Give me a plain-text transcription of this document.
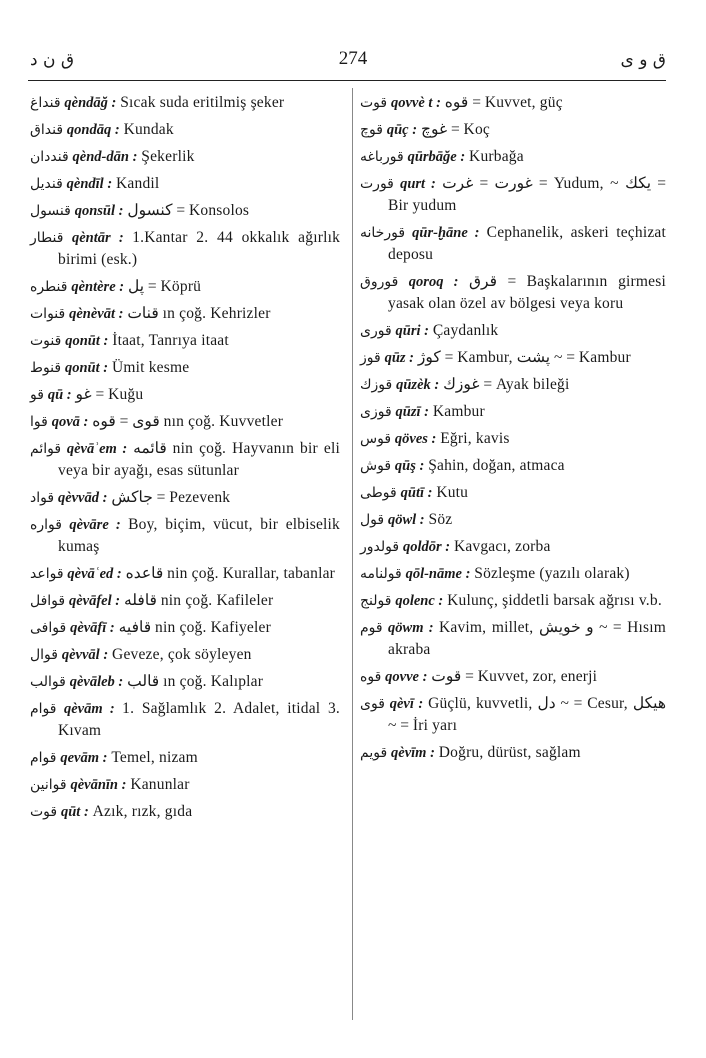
ق ن د	274	ق و ی
قنداغ qèndāğ : Sıcak suda eritilmiş şeker
قنداق qondāq : Kundak
قنددان qènd-dān : Şekerlik
قنديل qèndīl : Kandil
قنسول qonsūl : كنسول = Konsolos
قنطار qèntār : 1.Kantar 2. 44 okkalık ağırlık birimi (esk.)
قنطره qèntère : پل = Köprü
قنوات qènèvāt : قنات ın çoğ. Kehrizler
قنوت qonūt : İtaat, Tanrıya itaat
قنوط qonūt : Ümit kesme
قو qū : غو = Kuğu
قوا qovā : قوى = قوه nın çoğ. Kuvvetler
قوائم qèvāʾem : قائمه nin çoğ. Hayvanın bir eli veya bir ayağı, esas sütunlar
قواد qèvvād : جاكش = Pezevenk
قواره qèvāre : Boy, biçim, vücut, bir elbiselik kumaş
قواعد qèvāʿed : قاعده nin çoğ. Kurallar, tabanlar
قوافل qèvāfel : قافله nin çoğ. Kafileler
قوافى qèvāfī : قافيه nin çoğ. Kafiyeler
قوال qèvvāl : Geveze, çok söyleyen
قوالب qèvāleb : قالب ın çoğ. Kalıplar
قوام qèvām : 1. Sağlamlık 2. Adalet, itidal 3. Kıvam
قوام qevām : Temel, nizam
قوانين qèvānīn : Kanunlar
قوت qūt : Azık, rızk, gıda
قوت qovvè t : قوه = Kuvvet, güç
قوچ qūç : غوچ = Koç
قورباغه qūrbāğe : Kurbağa
قورت qurt : غورت = غرت = Yudum, ~ يكك = Bir yudum
قورخانه qūr-ḫāne : Cephanelik, askeri teçhizat deposu
قوروق qoroq : قرق = Başkalarının girmesi yasak olan özel av bölgesi veya koru
قورى qūri : Çaydanlık
قوز qūz : كوژ = Kambur, پشت ~ = Kambur
قوزك qūzèk : غوزك = Ayak bileği
قوزى qūzī : Kambur
قوس qöves : Eğri, kavis
قوش qūş : Şahin, doğan, atmaca
قوطى qūtī : Kutu
قول qöwl : Söz
قولدور qoldōr : Kavgacı, zorba
قولنامه qōl-nāme : Sözleşme (yazılı olarak)
قولنج qolenc : Kulunç, şiddetli barsak ağrısı v.b.
قوم qöwm : Kavim, millet, و خويش ~ = Hısım akraba
قوه qovve : قوت = Kuvvet, zor, enerji
قوى qèvī : Güçlü, kuvvetli, دل ~ = Cesur, هيكل ~ = İri yarı
قويم qèvīm : Doğru, dürüst, sağlam
